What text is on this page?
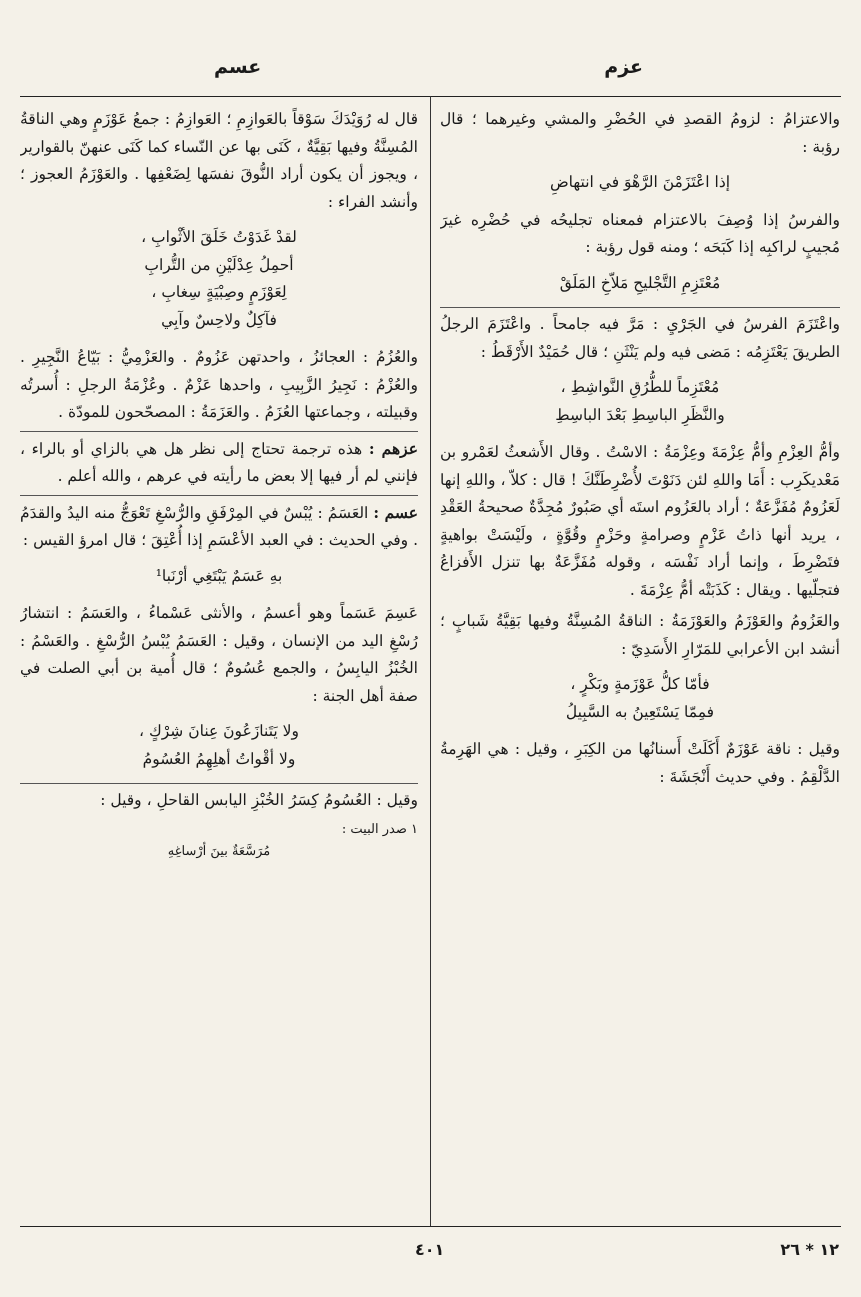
عزم
عسم

والاعتزامُ : لزومُ القصدِ في الحُضْرِ والمشي وغيرهما ؛ قال رؤبة :

إذا اعْتَزَمْنَ الرَّهْوَ في انتهاضِ

والفرسُ إذا وُصِفَ بالاعتزام فمعناه تجليحُه في حُضْرِه غيرَ مُجيبٍ لراكبِه إذا كَبَحَه ؛ ومنه قول رؤبة :

مُعْتَزِمِ التَّجْليحِ مَلاّخِ المَلَقْ

واعْتَزَمَ الفرسُ في الجَرْيِ : مَرَّ فيه جامحاً . واعْتَزَمَ الرجلُ الطريقَ يَعْتَزِمُه : مَضى فيه ولم يَنْثَنِ ؛ قال حُمَيْدٌ الأَرْقَطُ :

مُعْتَزِماً للطُّرُقِ النَّواشِطِ ،
والنَّظَرِ الباسِطِ بَعْدَ الباسِطِ

وأمُّ العِزْمِ وأمُّ عِزْمَةَ وعِزْمَةُ : الاسْتُ . وقال الأَشعثُ لعَمْرو بن مَعْديكَرِب : أَمَا واللهِ لئن دَنَوْتَ لأُضْرِطَنَّكَ ! قال : كلاّ ، واللهِ إنها لَعَزُومٌ مُفَزَّعَةٌ ؛ أراد بالعَزُوم استَه أي صَبُورٌ مُجِدَّةٌ صحيحةُ العَقْدِ ، يريد أنها ذاتُ عَزْمٍ وصرامةٍ وحَزْمٍ وقُوَّةٍ ، ولَيْسَتْ بواهيةٍ فتَضْرِطَ ، وإنما أراد نَفْسَه ، وقوله مُفَزَّعَةٌ بها تنزل الأَفزاعُ فتجلّيها . ويقال : كَذَبَتْه أمُّ عِزْمَةَ .

والعَزُومُ والعَوْزَمُ والعَوْزَمَةُ : الناقةُ المُسِنَّةُ وفيها بَقِيَّةُ شَبابٍ ؛ أنشد ابن الأعرابي للمَرّارِ الأَسَدِيّ :

فأمّا كلُّ عَوْزَمةٍ وبَكْرٍ ،
فمِمّا يَسْتَعِينُ به السَّبِيلُ

وقيل : ناقة عَوْزَمٌ أَكَلَتْ أَسنانُها من الكِبَرِ ، وقيل : هي الهَرِمةُ الدَّلْقِمُ . وفي حديث أَنْجَشَةَ :

قال له رُوَيْدَكَ سَوْقاً بالعَوازِمِ ؛ العَوازِمُ : جمعُ عَوْزَمٍ وهي الناقةُ المُسِنَّةُ وفيها بَقِيَّةٌ ، كَنَى بها عن النّساء كما كَنَى عنهنّ بالقوارير ، ويجوز أن يكون أراد النُّوقَ نفسَها لِضَعْفِها . والعَوْزَمُ العجوز ؛ وأنشد الفراء :

لقدْ غَدَوْتُ خَلَقَ الأثْوابِ ،
أحمِلُ عِدْلَيْنِ من التُّرابِ
لِعَوْزَمٍ وصِبْيَةٍ سِغابِ ،
فآكِلٌ ولاحِسٌ وآبِي

والعُزُمُ : العجائزُ ، واحدتهن عَزُومٌ . والعَزْمِيُّ : بَيّاعُ النَّجِيرِ . والعُزْمُ : نَجِيرُ الزَّبِيبِ ، واحدها عَزْمٌ . وعُزْمَةُ الرجلِ : أُسرتُه وقبيلته ، وجماعتها العُزَمُ . والعَزَمَةُ : المصحّحون للمودّة .

عزهم : هذه ترجمة تحتاج إلى نظر هل هي بالزاي أو بالراء ، فإنني لم أر فيها إلا بعض ما رأيته في عرهم ، والله أعلم .

عسم : العَسَمُ : يُبْسٌ في المِرْفَقِ والرُّسْغِ تَعْوَجُّ منه اليدُ والقدَمُ . وفي الحديث : في العبد الأعْسَمِ إذا أُعْتِقَ ؛ قال امرؤ القيس :

بهِ عَسَمٌ يَبْتَغِي أرْنَبا¹

عَسِمَ عَسَماً وهو أعسمُ ، والأنثى عَسْماءُ ، والعَسَمُ : انتشارُ رُسْغِ اليد من الإنسان ، وقيل : العَسَمُ يُبْسُ الرُّسْغِ . والعَسْمُ : الخُبْزُ اليابِسُ ، والجمع عُسُومٌ ؛ قال أُمية بن أبي الصلت في صفة أهل الجنة :

ولا يَتَنازَعُونَ عِنانَ شِرْكٍ ،
ولا أقْواتُ أهلِهِمُ العُسُومُ

وقيل : العُسُومُ كِسَرُ الخُبْزِ اليابس القاحلِ ، وقيل :

١ صدر البيت :
مُرَسَّعَةٌ بينَ أرْساغِهِ
٤٠١	١٢ * ٢٦
